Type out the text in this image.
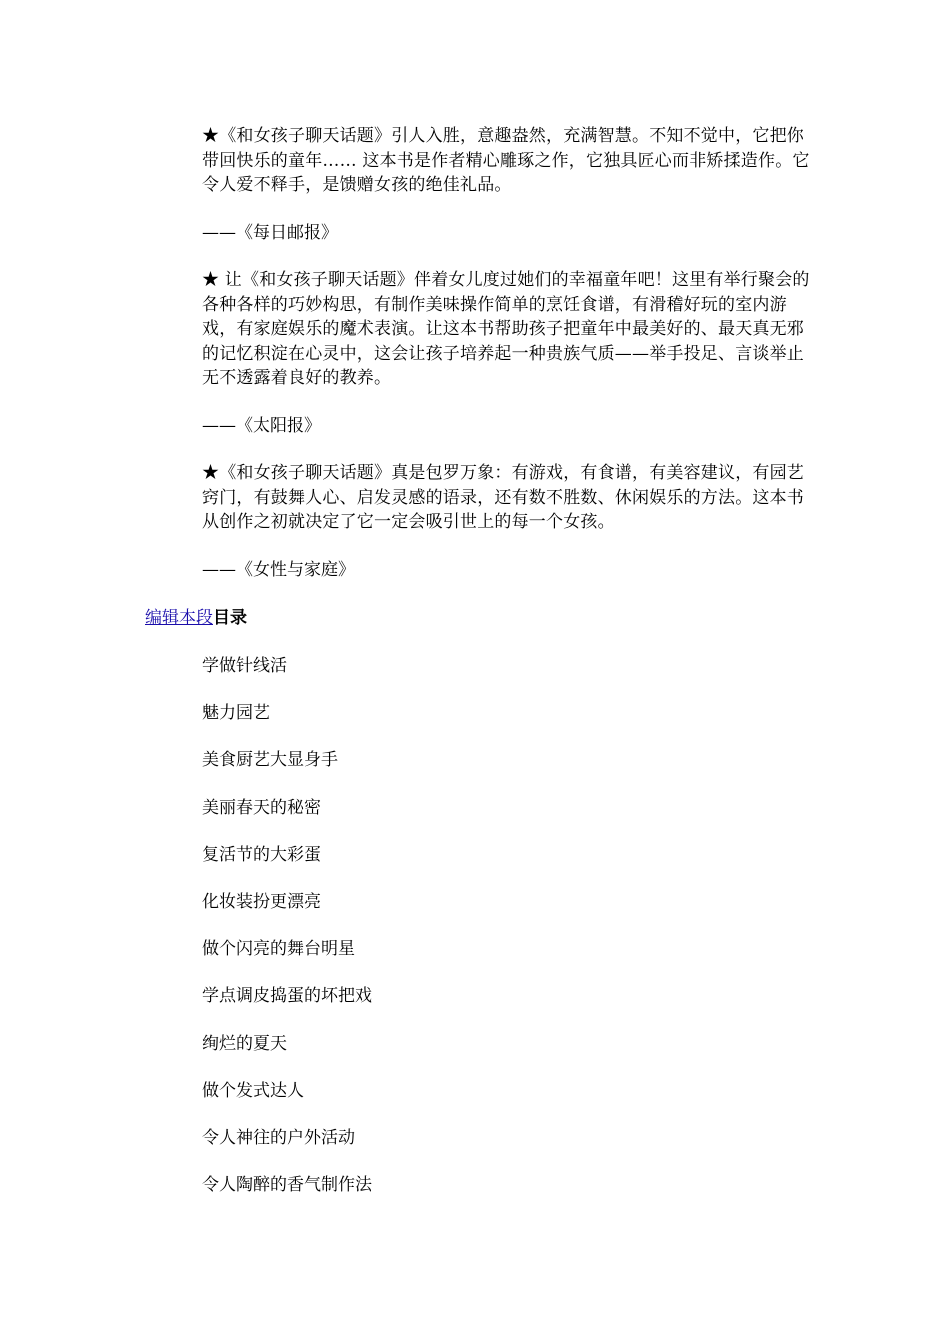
★《和女孩子聊天话题》引人入胜，意趣盎然，充满智慧。不知不觉中，它把你带回快乐的童年…… 这本书是作者精心雕琢之作，它独具匠心而非矫揉造作。它令人爱不释手，是馈赠女孩的绝佳礼品。

——《每日邮报》

★ 让《和女孩子聊天话题》伴着女儿度过她们的幸福童年吧！这里有举行聚会的各种各样的巧妙构思，有制作美味操作简单的烹饪食谱，有滑稽好玩的室内游戏，有家庭娱乐的魔术表演。让这本书帮助孩子把童年中最美好的、最天真无邪的记忆积淀在心灵中，这会让孩子培养起一种贵族气质——举手投足、言谈举止无不透露着良好的教养。

——《太阳报》

★《和女孩子聊天话题》真是包罗万象：有游戏，有食谱，有美容建议，有园艺窍门，有鼓舞人心、启发灵感的语录，还有数不胜数、休闲娱乐的方法。这本书从创作之初就决定了它一定会吸引世上的每一个女孩。

——《女性与家庭》

编辑本段目录
学做针线活
魅力园艺
美食厨艺大显身手
美丽春天的秘密
复活节的大彩蛋
化妆装扮更漂亮
做个闪亮的舞台明星
学点调皮捣蛋的坏把戏
绚烂的夏天
做个发式达人
令人神往的户外活动
令人陶醉的香气制作法
